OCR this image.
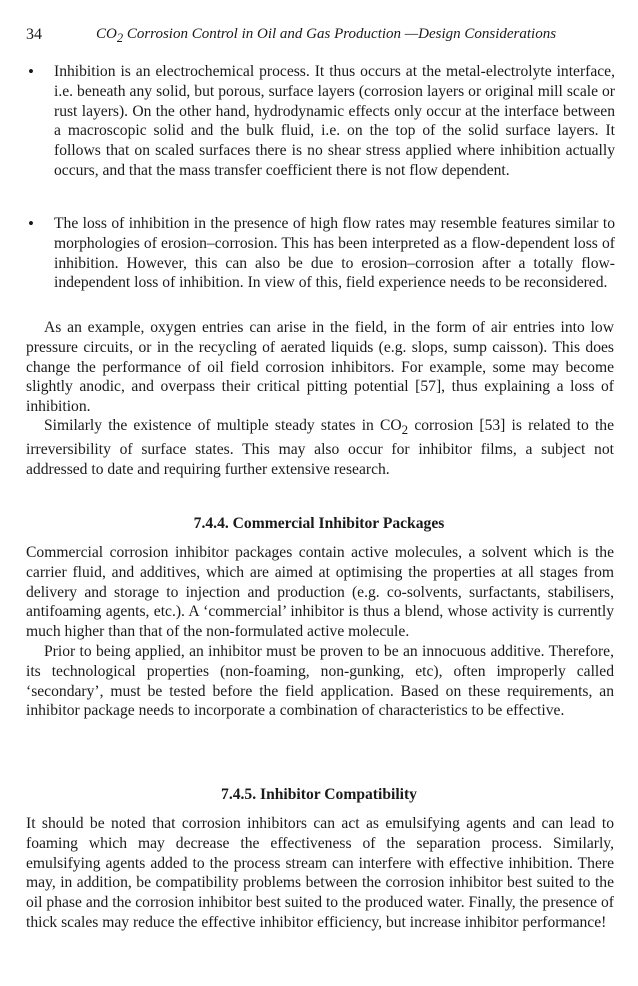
34	$CO_2$ Corrosion Control in Oil and Gas Production —Design Considerations
• Inhibition is an electrochemical process. It thus occurs at the metal-electrolyte interface, i.e. beneath any solid, but porous, surface layers (corrosion layers or original mill scale or rust layers). On the other hand, hydrodynamic effects only occur at the interface between a macroscopic solid and the bulk fluid, i.e. on the top of the solid surface layers. It follows that on scaled surfaces there is no shear stress applied where inhibition actually occurs, and that the mass transfer coefficient there is not flow dependent.
• The loss of inhibition in the presence of high flow rates may resemble features similar to morphologies of erosion–corrosion. This has been interpreted as a flow-dependent loss of inhibition. However, this can also be due to erosion–corrosion after a totally flow-independent loss of inhibition. In view of this, field experience needs to be reconsidered.

As an example, oxygen entries can arise in the field, in the form of air entries into low pressure circuits, or in the recycling of aerated liquids (e.g. slops, sump caisson). This does change the performance of oil field corrosion inhibitors. For example, some may become slightly anodic, and overpass their critical pitting potential [57], thus explaining a loss of inhibition.

Similarly the existence of multiple steady states in $CO_2$ corrosion [53] is related to the irreversibility of surface states. This may also occur for inhibitor films, a subject not addressed to date and requiring further extensive research.

7.4.4. Commercial Inhibitor Packages

Commercial corrosion inhibitor packages contain active molecules, a solvent which is the carrier fluid, and additives, which are aimed at optimising the properties at all stages from delivery and storage to injection and production (e.g. co-solvents, surfactants, stabilisers, antifoaming agents, etc.). A ‘commercial’ inhibitor is thus a blend, whose activity is currently much higher than that of the non-formulated active molecule.

Prior to being applied, an inhibitor must be proven to be an innocuous additive. Therefore, its technological properties (non-foaming, non-gunking, etc), often improperly called ‘secondary’, must be tested before the field application. Based on these requirements, an inhibitor package needs to incorporate a combination of characteristics to be effective.

7.4.5. Inhibitor Compatibility

It should be noted that corrosion inhibitors can act as emulsifying agents and can lead to foaming which may decrease the effectiveness of the separation process. Similarly, emulsifying agents added to the process stream can interfere with effective inhibition. There may, in addition, be compatibility problems between the corrosion inhibitor best suited to the oil phase and the corrosion inhibitor best suited to the produced water. Finally, the presence of thick scales may reduce the effective inhibitor efficiency, but increase inhibitor performance!
